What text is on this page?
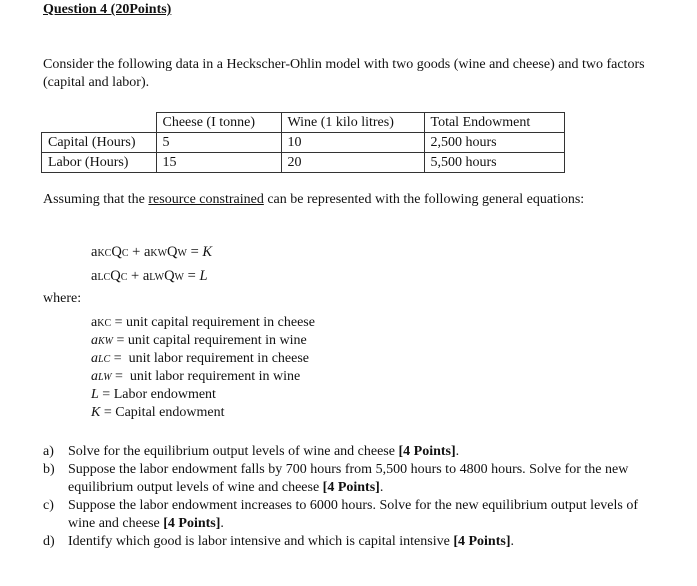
Question 4 (20Points)
Consider the following data in a Heckscher-Ohlin model with two goods (wine and cheese) and two factors (capital and labor).
	Cheese (I tonne)	Wine (1 kilo litres)	Total Endowment
Capital (Hours)	5	10	2,500 hours
Labor (Hours)	15	20	5,500 hours
Assuming that the resource constrained can be represented with the following general equations:
aKCQC + aKWQW = K
aLCQC + aLWQW = L
where:
aKC = unit capital requirement in cheese
aKW = unit capital requirement in wine
aLC =  unit labor requirement in cheese
aLW =  unit labor requirement in wine
L = Labor endowment
K = Capital endowment

a) Solve for the equilibrium output levels of wine and cheese [4 Points].

b) Suppose the labor endowment falls by 700 hours from 5,500 hours to 4800 hours. Solve for the new equilibrium output levels of wine and cheese [4 Points].

c) Suppose the labor endowment increases to 6000 hours. Solve for the new equilibrium output levels of wine and cheese [4 Points].

d) Identify which good is labor intensive and which is capital intensive [4 Points].
